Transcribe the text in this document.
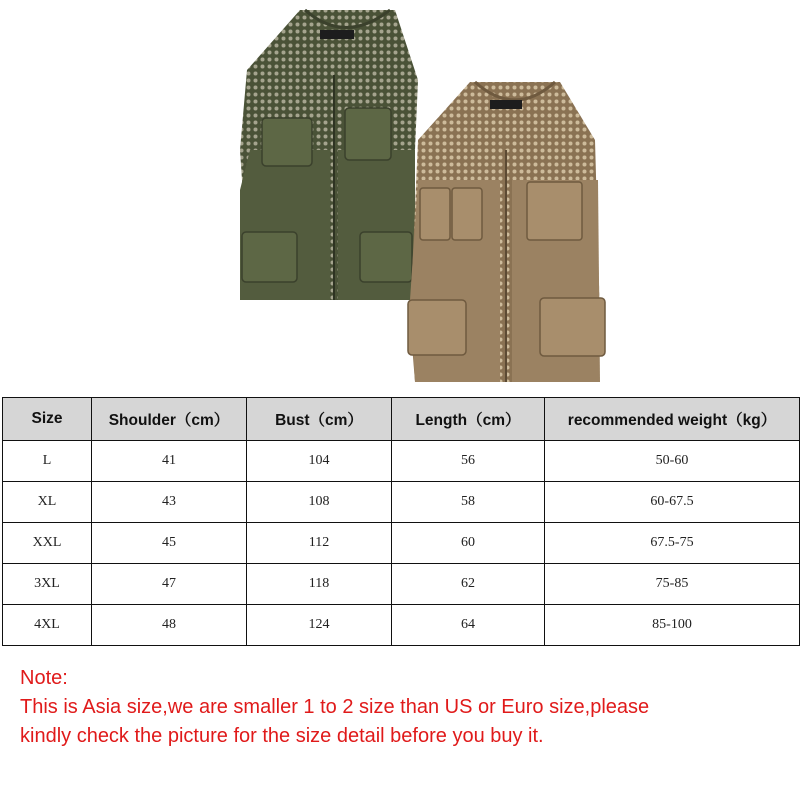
Size	Shoulder（cm）	Bust（cm）	Length（cm）	recommended weight（kg）
L	41	104	56	50-60
XL	43	108	58	60-67.5
XXL	45	112	60	67.5-75
3XL	47	118	62	75-85
4XL	48	124	64	85-100
Note:
This is Asia size,we are smaller 1 to 2 size than US or Euro size,please
kindly check the picture for the size detail before you buy it.
